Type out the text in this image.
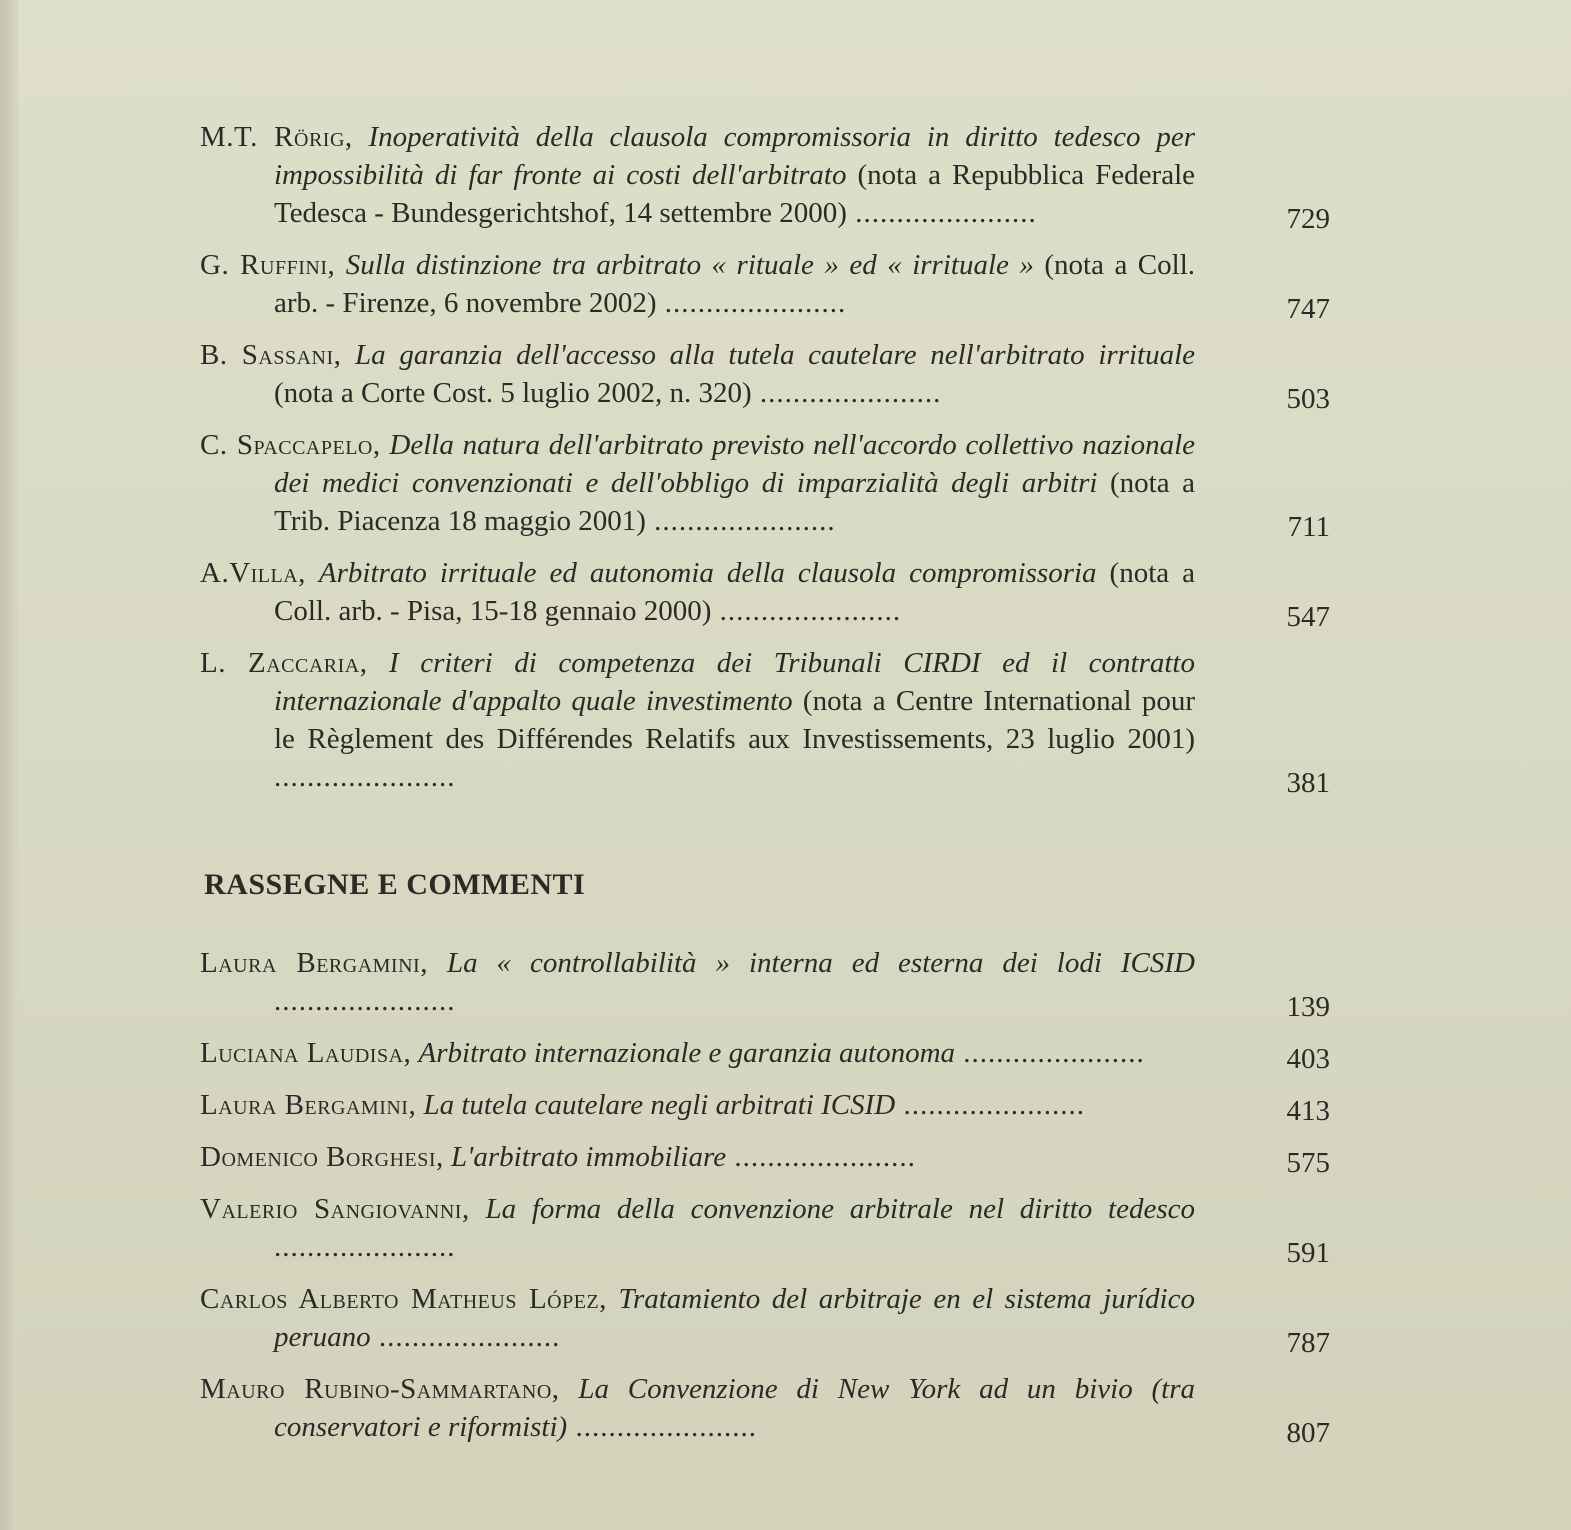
M.T. Rörig, Inoperatività della clausola compromissoria in diritto tedesco per impossibilità di far fronte ai costi dell'arbitrato (nota a Repubblica Federale Tedesca - Bundesgerichtshof, 14 settembre 2000) ......................	729
G. Ruffini, Sulla distinzione tra arbitrato « rituale » ed « irrituale » (nota a Coll. arb. - Firenze, 6 novembre 2002) ......................	747
B. Sassani, La garanzia dell'accesso alla tutela cautelare nell'arbitrato irrituale (nota a Corte Cost. 5 luglio 2002, n. 320) ......................	503
C. Spaccapelo, Della natura dell'arbitrato previsto nell'accordo collettivo nazionale dei medici convenzionati e dell'obbligo di imparzialità degli arbitri (nota a Trib. Piacenza 18 maggio 2001) ......................	711
A.Villa, Arbitrato irrituale ed autonomia della clausola compromissoria (nota a Coll. arb. - Pisa, 15-18 gennaio 2000) ......................	547
L. Zaccaria, I criteri di competenza dei Tribunali CIRDI ed il contratto internazionale d'appalto quale investimento (nota a Centre International pour le Règlement des Différendes Relatifs aux Investissements, 23 luglio 2001) ......................	381
RASSEGNE E COMMENTI
Laura Bergamini, La « controllabilità » interna ed esterna dei lodi ICSID ......................	139
Luciana Laudisa, Arbitrato internazionale e garanzia autonoma ......................	403
Laura Bergamini, La tutela cautelare negli arbitrati ICSID ......................	413
Domenico Borghesi, L'arbitrato immobiliare ......................	575
Valerio Sangiovanni, La forma della convenzione arbitrale nel diritto tedesco ......................	591
Carlos Alberto Matheus López, Tratamiento del arbitraje en el sistema jurídico peruano ......................	787
Mauro Rubino-Sammartano, La Convenzione di New York ad un bivio (tra conservatori e riformisti) ......................	807
